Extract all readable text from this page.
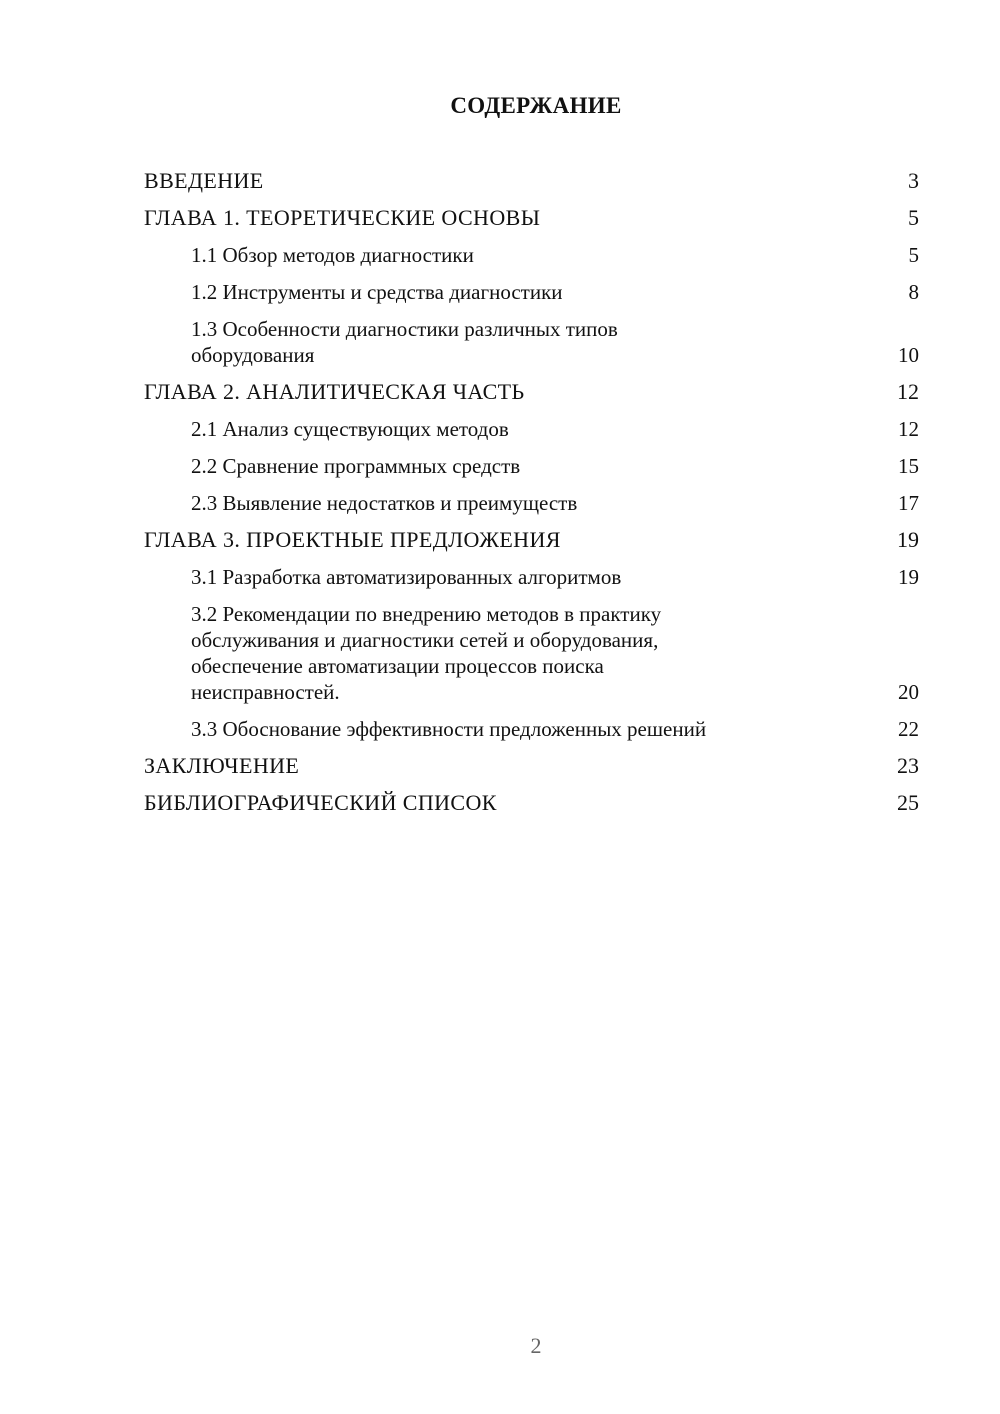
СОДЕРЖАНИЕ
ВВЕДЕНИЕ	3
ГЛАВА 1. ТЕОРЕТИЧЕСКИЕ ОСНОВЫ	5
1.1 Обзор методов диагностики	5
1.2 Инструменты и средства диагностики	8
1.3 Особенности диагностики различных типов
оборудования	10
ГЛАВА 2. АНАЛИТИЧЕСКАЯ ЧАСТЬ	12
2.1 Анализ существующих методов	12
2.2 Сравнение программных средств	15
2.3 Выявление недостатков и преимуществ	17
ГЛАВА 3. ПРОЕКТНЫЕ ПРЕДЛОЖЕНИЯ	19
3.1 Разработка автоматизированных алгоритмов	19
3.2 Рекомендации по внедрению методов в практику
обслуживания и диагностики сетей и оборудования,
обеспечение автоматизации процессов поиска
неисправностей.	20
3.3 Обоснование эффективности предложенных решений	22
ЗАКЛЮЧЕНИЕ	23
БИБЛИОГРАФИЧЕСКИЙ СПИСОК	25
2
